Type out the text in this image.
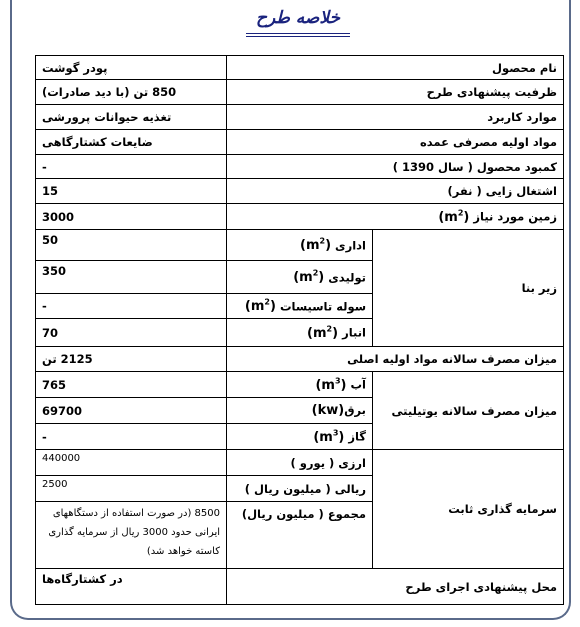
خلاصه طرح
نام محصول		پودر گوشت
ظرفیت پیشنهادی طرح		850 تن (با دید صادرات)
موارد کاربرد		تغذیه حیوانات پرورشی
مواد اولیه مصرفی عمده		ضایعات کشتارگاهی
کمبود محصول ( سال 1390 )		-
اشتغال زایی ( نفر)		15
زمین مورد نیاز $(m^2)$		3000
زیر بنا	اداری $(m^2)$	50
	تولیدی $(m^2)$	350
	سوله تاسیسات $(m^2)$	-
	انبار $(m^2)$	70
میزان مصرف سالانه مواد اولیه اصلی		2125 تن
میزان مصرف سالانه یوتیلیتی	آب $(m^3)$	765
	برق(kw)	69700
	گاز $(m^3)$	-
سرمایه گذاری ثابت	ارزی ( یورو )	440000
	ریالی ( میلیون ریال )	2500
	مجموع ( میلیون ریال)	8500 (در صورت استفاده از دستگاههای ایرانی حدود 3000 ریال از سرمایه گذاری کاسته خواهد شد)
محل پیشنهادی اجرای طرح		در کشتارگاه‌ها
